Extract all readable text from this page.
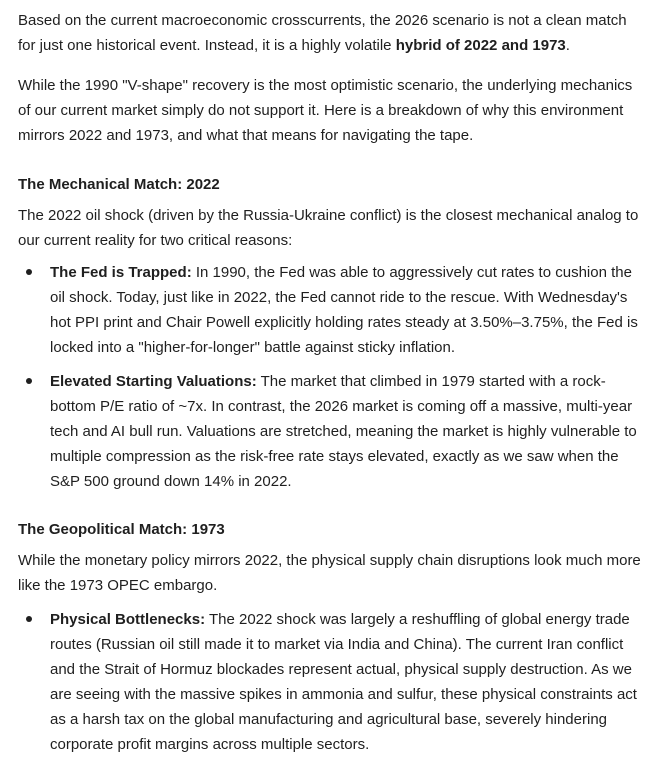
Based on the current macroeconomic crosscurrents, the 2026 scenario is not a clean match for just one historical event. Instead, it is a highly volatile hybrid of 2022 and 1973.

While the 1990 "V-shape" recovery is the most optimistic scenario, the underlying mechanics of our current market simply do not support it. Here is a breakdown of why this environment mirrors 2022 and 1973, and what that means for navigating the tape.

The Mechanical Match: 2022

The 2022 oil shock (driven by the Russia-Ukraine conflict) is the closest mechanical analog to our current reality for two critical reasons:

The Fed is Trapped: In 1990, the Fed was able to aggressively cut rates to cushion the oil shock. Today, just like in 2022, the Fed cannot ride to the rescue. With Wednesday's hot PPI print and Chair Powell explicitly holding rates steady at 3.50%–3.75%, the Fed is locked into a "higher-for-longer" battle against sticky inflation.

Elevated Starting Valuations: The market that climbed in 1979 started with a rock-bottom P/E ratio of ~7x. In contrast, the 2026 market is coming off a massive, multi-year tech and AI bull run. Valuations are stretched, meaning the market is highly vulnerable to multiple compression as the risk-free rate stays elevated, exactly as we saw when the S&P 500 ground down 14% in 2022.

The Geopolitical Match: 1973

While the monetary policy mirrors 2022, the physical supply chain disruptions look much more like the 1973 OPEC embargo.

Physical Bottlenecks: The 2022 shock was largely a reshuffling of global energy trade routes (Russian oil still made it to market via India and China). The current Iran conflict and the Strait of Hormuz blockades represent actual, physical supply destruction. As we are seeing with the massive spikes in ammonia and sulfur, these physical constraints act as a harsh tax on the global manufacturing and agricultural base, severely hindering corporate profit margins across multiple sectors.
